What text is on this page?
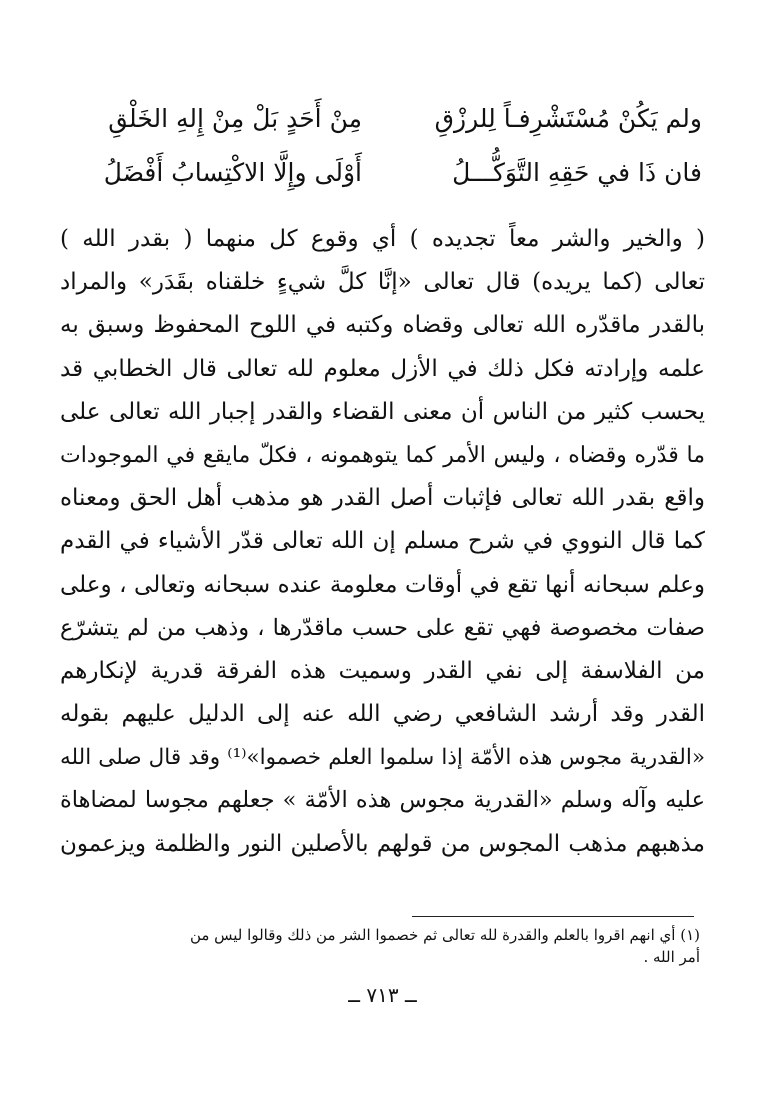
ولم يَكُنْ مُسْتَشْرِفـاً لِلرزْقِ
مِنْ أَحَدٍ بَلْ مِنْ إِلهِ الخَلْقِ
فان ذَا في حَقِهِ التَّوَكُّـــلُ
أَوْلَى وإِلَّا الاكْتِسابُ أَفْضَلُ
( والخير والشر معاً تجديده ) أي وقوع كل منهما ( بقدر الله )
تعالى (كما يريده) قال تعالى «إنَّا كلَّ شيءٍ خلقناه بقَدَر» والمراد
بالقدر ماقدّره الله تعالى وقضاه وكتبه في اللوح المحفوظ وسبق به
علمه وإرادته فكل ذلك في الأزل معلوم لله تعالى قال الخطابي قد
يحسب كثير من الناس أن معنى القضاء والقدر إجبار الله تعالى على
ما قدّره وقضاه ، وليس الأمر كما يتوهمونه ، فكلّ مايقع في الموجودات
واقع بقدر الله تعالى فإثبات أصل القدر هو مذهب أهل الحق ومعناه
كما قال النووي في شرح مسلم إن الله تعالى قدّر الأشياء في القدم
وعلم سبحانه أنها تقع في أوقات معلومة عنده سبحانه وتعالى ، وعلى
صفات مخصوصة فهي تقع على حسب ماقدّرها ، وذهب من لم يتشرّع
من الفلاسفة إلى نفي القدر وسميت هذه الفرقة قدرية لإنكارهم
القدر وقد أرشد الشافعي رضي الله عنه إلى الدليل عليهم بقوله
«القدرية مجوس هذه الأمّة إذا سلموا العلم خصموا»⁽¹⁾ وقد قال صلى الله
عليه وآله وسلم «القدرية مجوس هذه الأمّة » جعلهم مجوسا لمضاهاة
مذهبهم مذهب المجوس من قولهم بالأصلين النور والظلمة ويزعمون
(١) أي انهم اقروا بالعلم والقدرة لله تعالى ثم خصموا الشر من ذلك وقالوا ليس من
أمر الله .
ــ ٧١٣ ــ
